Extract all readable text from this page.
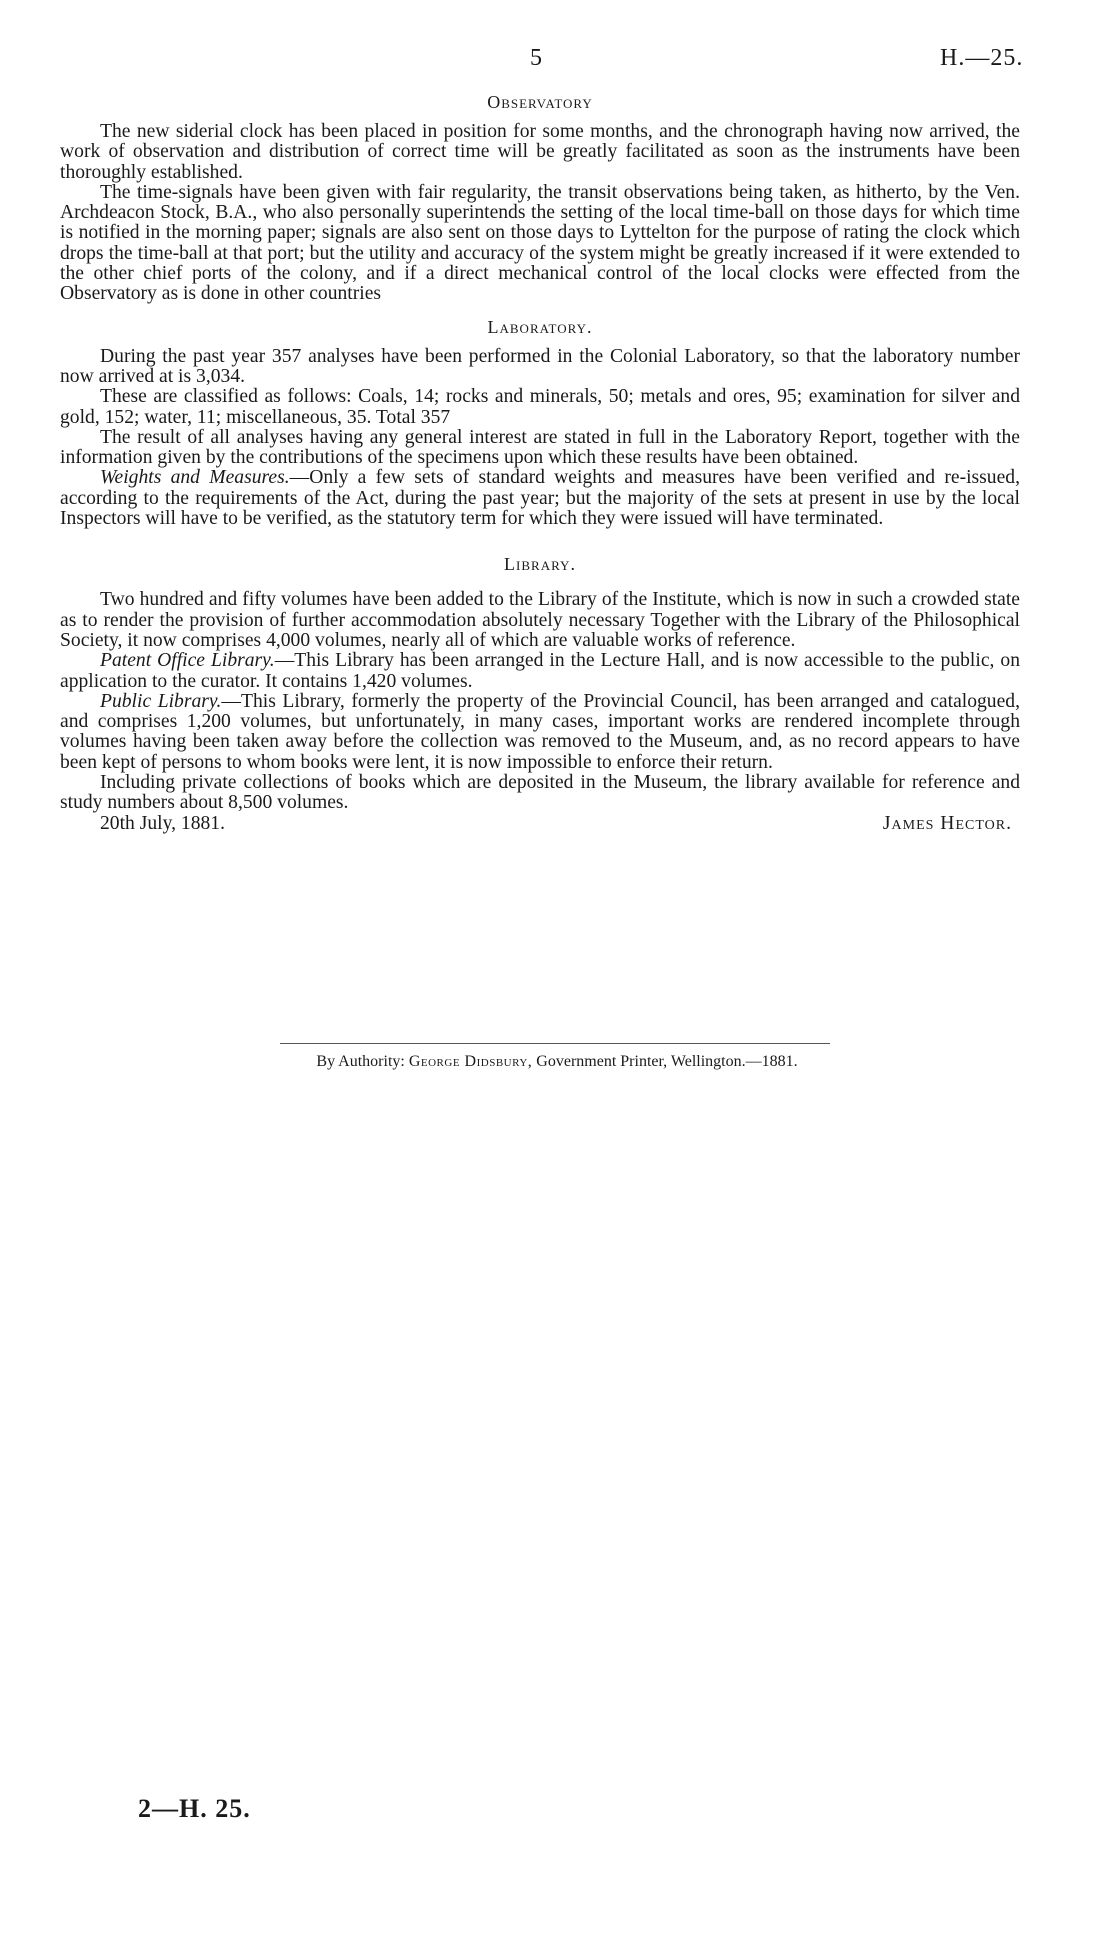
5	H.—25.
Observatory

The new siderial clock has been placed in position for some months, and the chronograph having now arrived, the work of observation and distribution of correct time will be greatly facilitated as soon as the instruments have been thoroughly established.

The time-signals have been given with fair regularity, the transit observations being taken, as hitherto, by the Ven. Archdeacon Stock, B.A., who also personally superintends the setting of the local time-ball on those days for which time is notified in the morning paper; signals are also sent on those days to Lyttelton for the purpose of rating the clock which drops the time-ball at that port; but the utility and accuracy of the system might be greatly increased if it were extended to the other chief ports of the colony, and if a direct mechanical control of the local clocks were effected from the Observatory as is done in other countries

Laboratory.

During the past year 357 analyses have been performed in the Colonial Laboratory, so that the laboratory number now arrived at is 3,034.

These are classified as follows: Coals, 14; rocks and minerals, 50; metals and ores, 95; examination for silver and gold, 152; water, 11; miscellaneous, 35. Total 357

The result of all analyses having any general interest are stated in full in the Laboratory Report, together with the information given by the contributions of the specimens upon which these results have been obtained.

Weights and Measures.—Only a few sets of standard weights and measures have been verified and re-issued, according to the requirements of the Act, during the past year; but the majority of the sets at present in use by the local Inspectors will have to be verified, as the statutory term for which they were issued will have terminated.

Library.

Two hundred and fifty volumes have been added to the Library of the Institute, which is now in such a crowded state as to render the provision of further accommodation absolutely necessary Together with the Library of the Philosophical Society, it now comprises 4,000 volumes, nearly all of which are valuable works of reference.

Patent Office Library.—This Library has been arranged in the Lecture Hall, and is now accessible to the public, on application to the curator. It contains 1,420 volumes.

Public Library.—This Library, formerly the property of the Provincial Council, has been arranged and catalogued, and comprises 1,200 volumes, but unfortunately, in many cases, important works are rendered incomplete through volumes having been taken away before the collection was removed to the Museum, and, as no record appears to have been kept of persons to whom books were lent, it is now impossible to enforce their return.

Including private collections of books which are deposited in the Museum, the library available for reference and study numbers about 8,500 volumes.

20th July, 1881.	James Hector.
By Authority: George Didsbury, Government Printer, Wellington.—1881.
2—H. 25.
